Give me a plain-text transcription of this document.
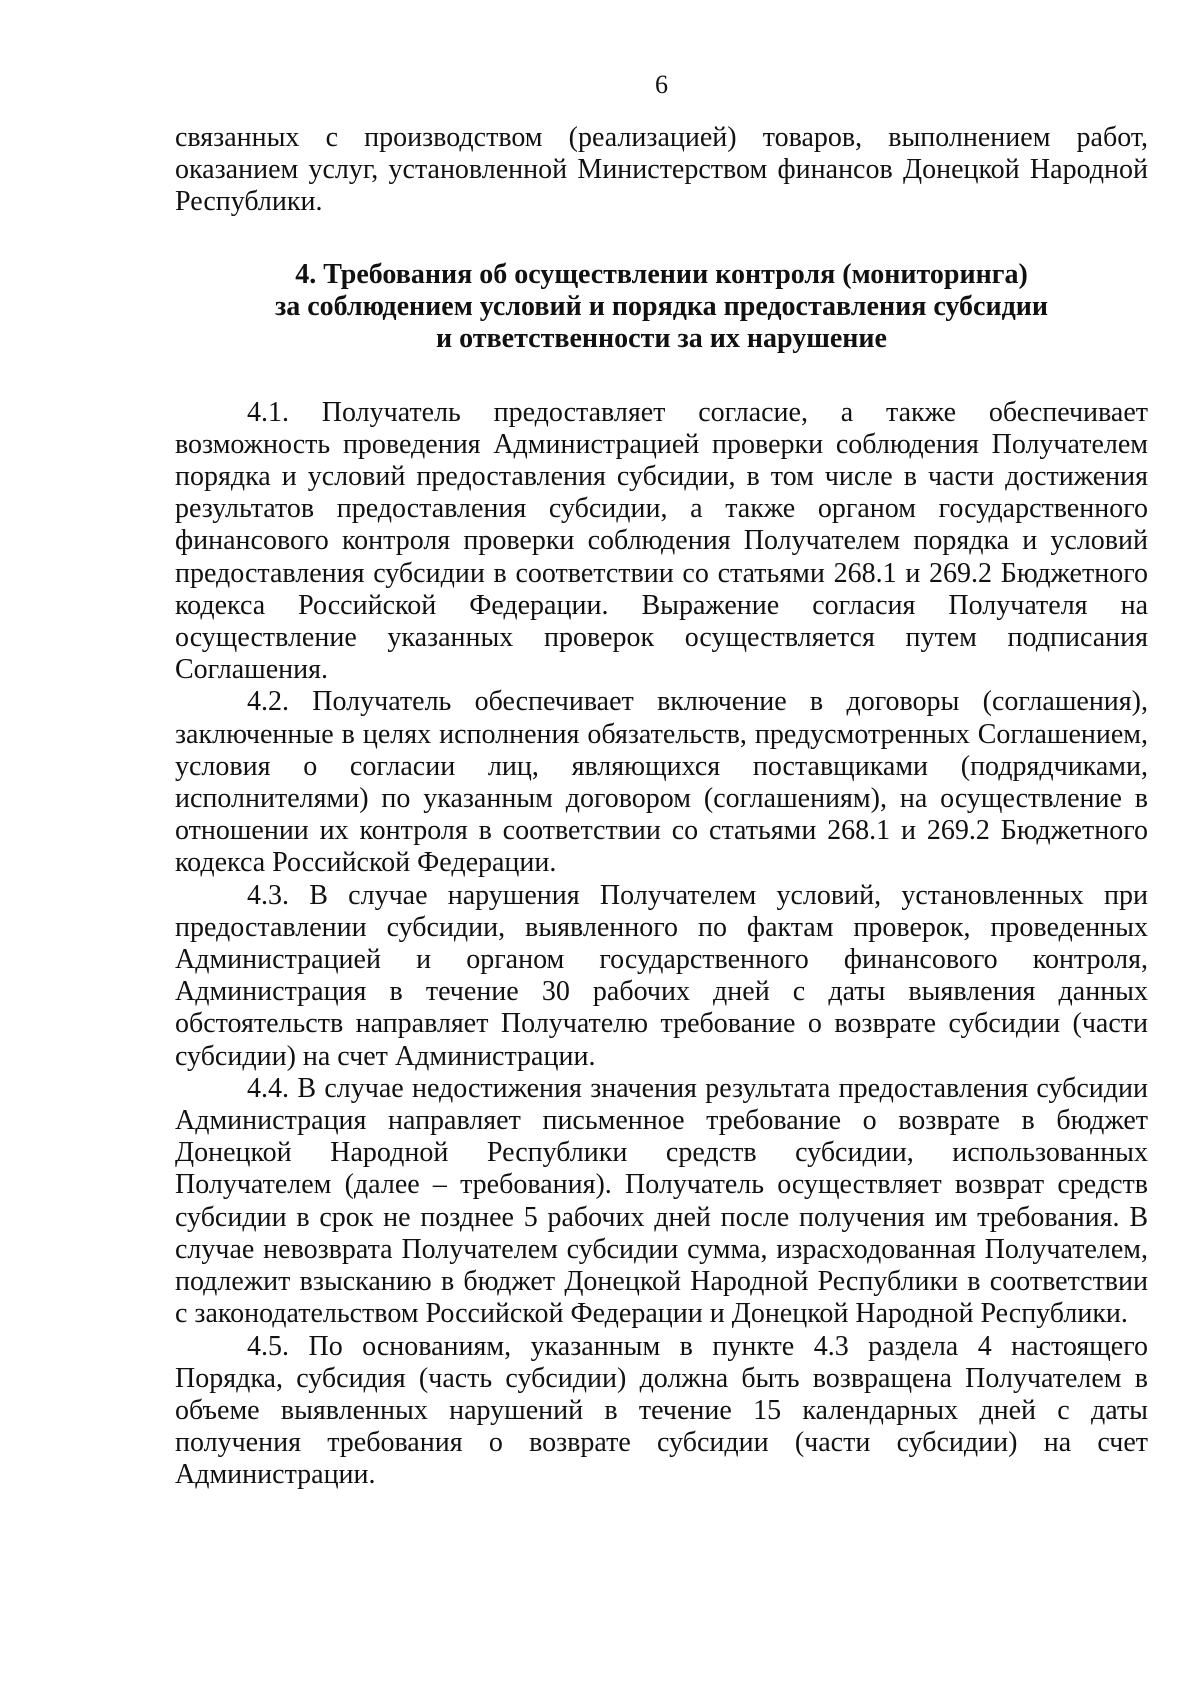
6

связанных с производством (реализацией) товаров, выполнением работ, оказанием услуг, установленной Министерством финансов Донецкой Народной Республики.

4. Требования об осуществлении контроля (мониторинга)
за соблюдением условий и порядка предоставления субсидии
и ответственности за их нарушение

4.1. Получатель предоставляет согласие, а также обеспечивает возможность проведения Администрацией проверки соблюдения Получателем порядка и условий предоставления субсидии, в том числе в части достижения результатов предоставления субсидии, а также органом государственного финансового контроля проверки соблюдения Получателем порядка и условий предоставления субсидии в соответствии со статьями 268.1 и 269.2 Бюджетного кодекса Российской Федерации. Выражение согласия Получателя на осуществление указанных проверок осуществляется путем подписания Соглашения.

4.2. Получатель обеспечивает включение в договоры (соглашения), заключенные в целях исполнения обязательств, предусмотренных Соглашением, условия о согласии лиц, являющихся поставщиками (подрядчиками, исполнителями) по указанным договором (соглашениям), на осуществление в отношении их контроля в соответствии со статьями 268.1 и 269.2 Бюджетного кодекса Российской Федерации.

4.3. В случае нарушения Получателем условий, установленных при предоставлении субсидии, выявленного по фактам проверок, проведенных Администрацией и органом государственного финансового контроля, Администрация в течение 30 рабочих дней с даты выявления данных обстоятельств направляет Получателю требование о возврате субсидии (части субсидии) на счет Администрации.

4.4. В случае недостижения значения результата предоставления субсидии Администрация направляет письменное требование о возврате в бюджет Донецкой Народной Республики средств субсидии, использованных Получателем (далее – требования). Получатель осуществляет возврат средств субсидии в срок не позднее 5 рабочих дней после получения им требования. В случае невозврата Получателем субсидии сумма, израсходованная Получателем, подлежит взысканию в бюджет Донецкой Народной Республики в соответствии с законодательством Российской Федерации и Донецкой Народной Республики.

4.5. По основаниям, указанным в пункте 4.3 раздела 4 настоящего Порядка, субсидия (часть субсидии) должна быть возвращена Получателем в объеме выявленных нарушений в течение 15 календарных дней с даты получения требования о возврате субсидии (части субсидии) на счет Администрации.
